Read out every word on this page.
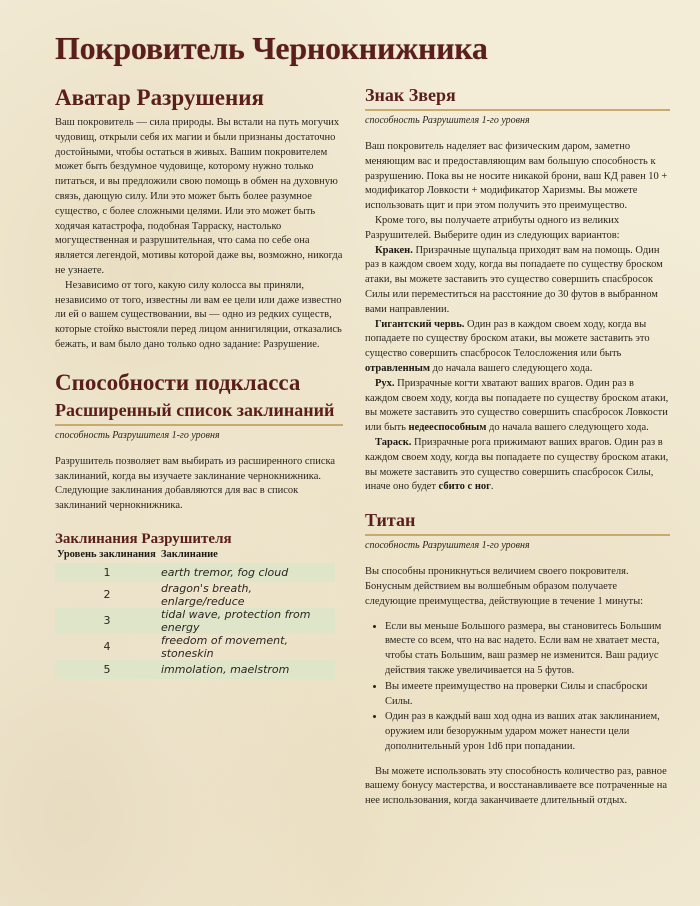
Покровитель Чернокнижника
Аватар Разрушения

Ваш покровитель — сила природы. Вы встали на путь могучих чудовищ, открыли себя их магии и были признаны достаточно достойными, чтобы остаться в живых. Вашим покровителем может быть бездумное чудовище, которому нужно только питаться, и вы предложили свою помощь в обмен на духовную связь, дающую силу. Или это может быть более разумное существо, с более сложными целями. Или это может быть ходячая катастрофа, подобная Тарраску, настолько могущественная и разрушительная, что сама по себе она является легендой, мотивы которой даже вы, возможно, никогда не узнаете.

Независимо от того, какую силу колосса вы приняли, независимо от того, известны ли вам ее цели или даже известно ли ей о вашем существовании, вы — одно из редких существ, которые стойко выстояли перед лицом аннигиляции, отказались бежать, и вам было дано только одно задание: Разрушение.

Способности подкласса
Расширенный список заклинаний
способность Разрушителя 1-го уровня

Разрушитель позволяет вам выбирать из расширенного списка заклинаний, когда вы изучаете заклинание чернокнижника. Следующие заклинания добавляются для вас в список заклинаний чернокнижника.

Заклинания Разрушителя
Уровень заклинания	Заклинание
1	earth tremor, fog cloud
2	dragon's breath, enlarge/reduce
3	tidal wave, protection from energy
4	freedom of movement, stoneskin
5	immolation, maelstrom
Знак Зверя
способность Разрушителя 1-го уровня

Ваш покровитель наделяет вас физическим даром, заметно меняющим вас и предоставляющим вам большую способность к разрушению. Пока вы не носите никакой брони, ваш КД равен 10 + модификатор Ловкости + модификатор Харизмы. Вы можете использовать щит и при этом получить это преимущество.

Кроме того, вы получаете атрибуты одного из великих Разрушителей. Выберите один из следующих вариантов:

Кракен. Призрачные щупальца приходят вам на помощь. Один раз в каждом своем ходу, когда вы попадаете по существу броском атаки, вы можете заставить это существо совершить спасбросок Силы или переместиться на расстояние до 30 футов в выбранном вами направлении.

Гигантский червь. Один раз в каждом своем ходу, когда вы попадаете по существу броском атаки, вы можете заставить это существо совершить спасбросок Телосложения или быть отравленным до начала вашего следующего хода.

Рух. Призрачные когти хватают ваших врагов. Один раз в каждом своем ходу, когда вы попадаете по существу броском атаки, вы можете заставить это существо совершить спасбросок Ловкости или быть недееспособным до начала вашего следующего хода.

Тараск. Призрачные рога прижимают ваших врагов. Один раз в каждом своем ходу, когда вы попадаете по существу броском атаки, вы можете заставить это существо совершить спасбросок Силы, иначе оно будет сбито с ног.

Титан
способность Разрушителя 1-го уровня

Вы способны проникнуться величием своего покровителя. Бонусным действием вы волшебным образом получаете следующие преимущества, действующие в течение 1 минуты:

• Если вы меньше Большого размера, вы становитесь Большим вместе со всем, что на вас надето. Если вам не хватает места, чтобы стать Большим, ваш размер не изменится. Ваш радиус действия также увеличивается на 5 футов.
• Вы имеете преимущество на проверки Силы и спасброски Силы.
• Один раз в каждый ваш ход одна из ваших атак заклинанием, оружием или безоружным ударом может нанести цели дополнительный урон 1d6 при попадании.

Вы можете использовать эту способность количество раз, равное вашему бонусу мастерства, и восстанавливаете все потраченные на нее использования, когда заканчиваете длительный отдых.
